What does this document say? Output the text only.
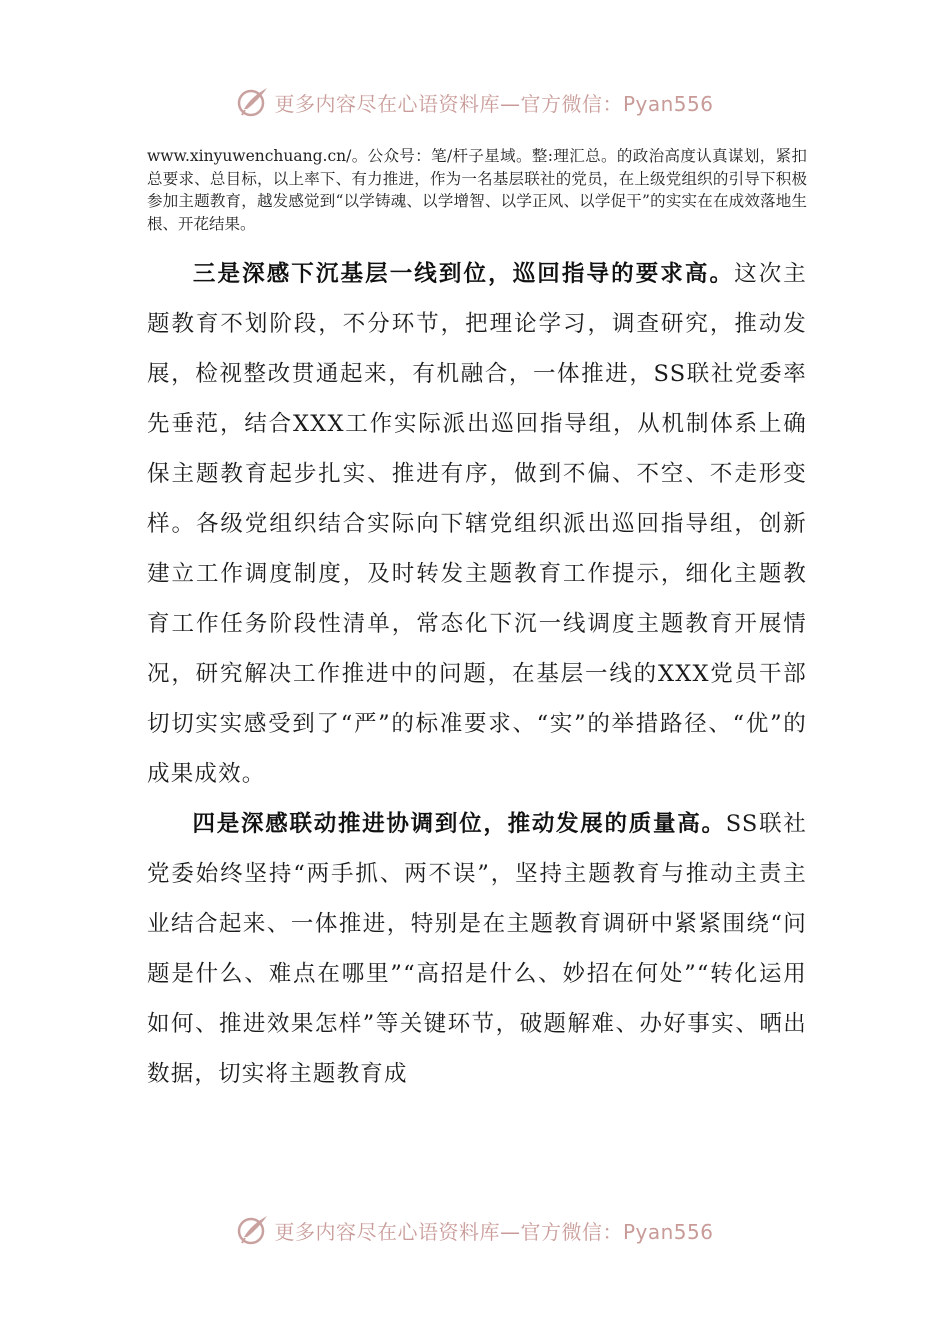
更多内容尽在心语资料库—官方微信：Pyan556
www.xinyuwenchuang.cn/。公众号：笔/杆子星域。整:理汇总。的政治高度认真谋划，紧扣总要求、总目标，以上率下、有力推进，作为一名基层联社的党员，在上级党组织的引导下积极参加主题教育，越发感觉到“以学铸魂、以学增智、以学正风、以学促干”的实实在在成效落地生根、开花结果。
三是深感下沉基层一线到位，巡回指导的要求高。这次主题教育不划阶段，不分环节，把理论学习，调查研究，推动发展，检视整改贯通起来，有机融合，一体推进，SS联社党委率先垂范，结合XXX工作实际派出巡回指导组，从机制体系上确保主题教育起步扎实、推进有序，做到不偏、不空、不走形变样。各级党组织结合实际向下辖党组织派出巡回指导组，创新建立工作调度制度，及时转发主题教育工作提示，细化主题教育工作任务阶段性清单，常态化下沉一线调度主题教育开展情况，研究解决工作推进中的问题，在基层一线的XXX党员干部切切实实感受到了“严”的标准要求、“实”的举措路径、“优”的成果成效。
四是深感联动推进协调到位，推动发展的质量高。SS联社党委始终坚持“两手抓、两不误”，坚持主题教育与推动主责主业结合起来、一体推进，特别是在主题教育调研中紧紧围绕“问题是什么、难点在哪里”“高招是什么、妙招在何处”“转化运用如何、推进效果怎样”等关键环节，破题解难、办好事实、晒出数据，切实将主题教育成
更多内容尽在心语资料库—官方微信：Pyan556
